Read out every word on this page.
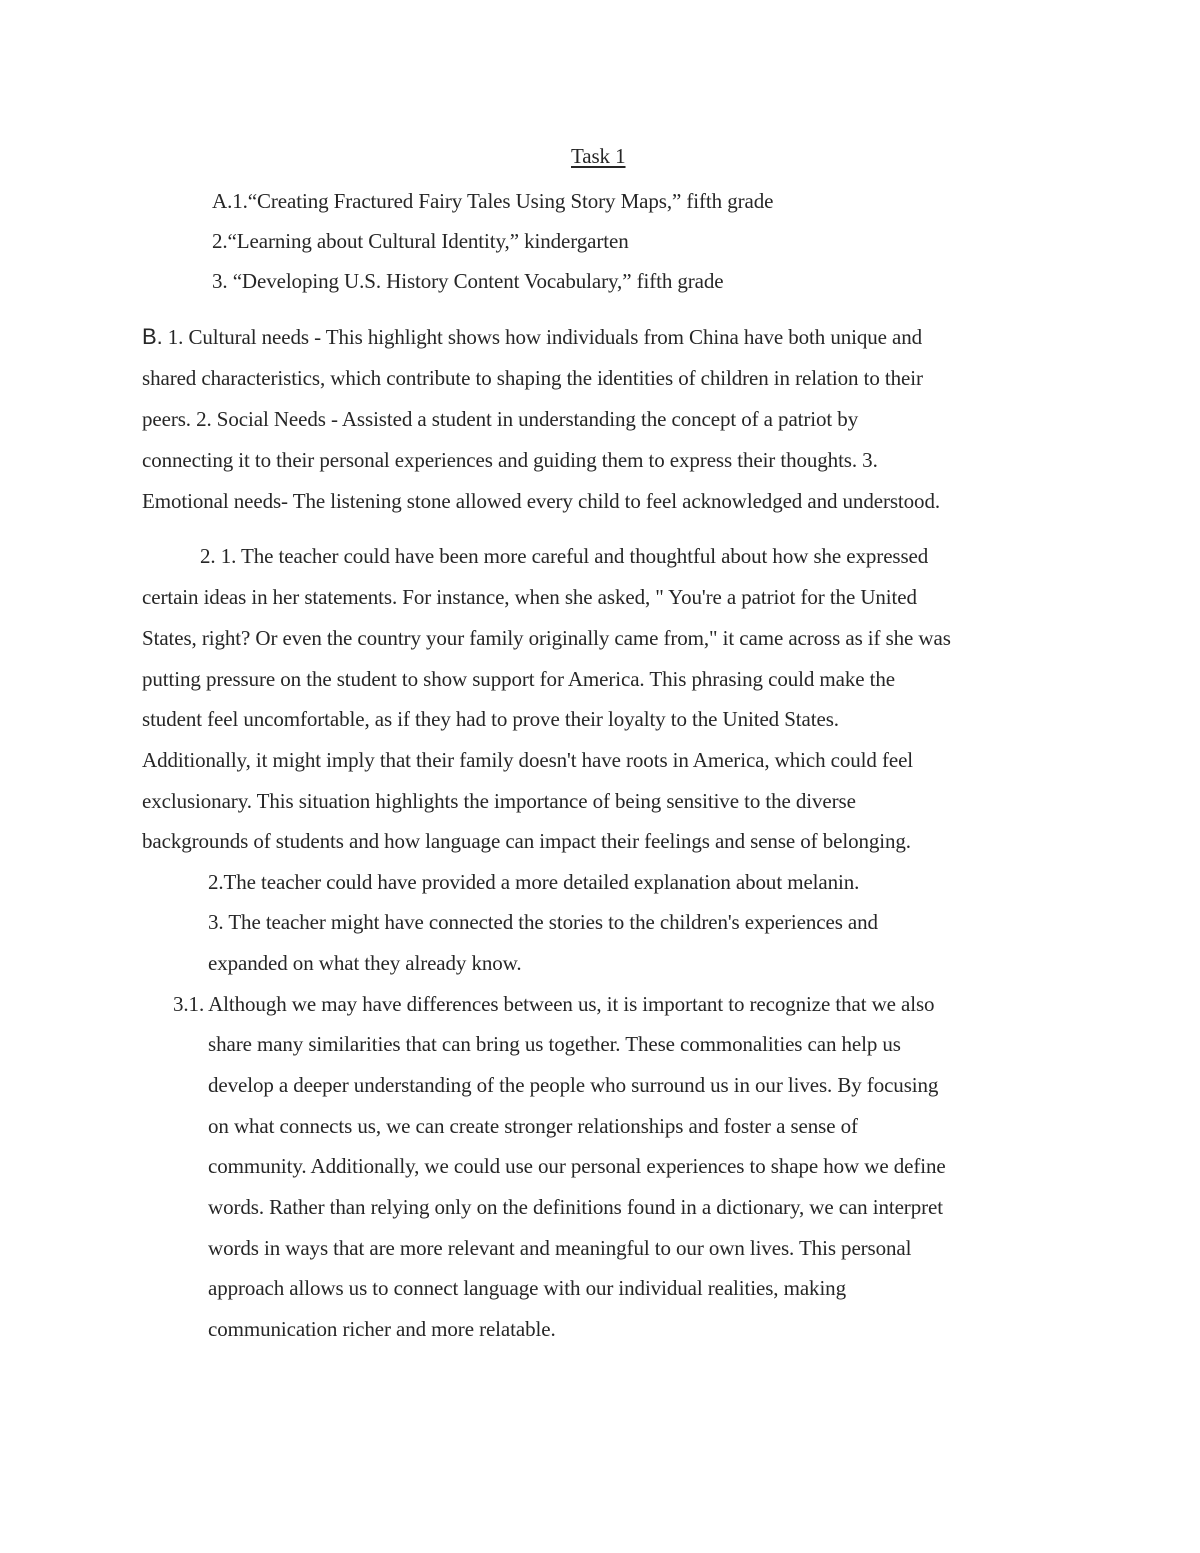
Task 1
A.1.“Creating Fractured Fairy Tales Using Story Maps,” fifth grade
2.“Learning about Cultural Identity,” kindergarten
3. “Developing U.S. History Content Vocabulary,” fifth grade
B. 1. Cultural needs - This highlight shows how individuals from China have both unique and
shared characteristics, which contribute to shaping the identities of children in relation to their
peers. 2. Social Needs - Assisted a student in understanding the concept of a patriot by
connecting it to their personal experiences and guiding them to express their thoughts. 3.
Emotional needs- The listening stone allowed every child to feel acknowledged and understood.
2. 1. The teacher could have been more careful and thoughtful about how she expressed
certain ideas in her statements. For instance, when she asked, " You're a patriot for the United
States, right? Or even the country your family originally came from," it came across as if she was
putting pressure on the student to show support for America. This phrasing could make the
student feel uncomfortable, as if they had to prove their loyalty to the United States.
Additionally, it might imply that their family doesn't have roots in America, which could feel
exclusionary. This situation highlights the importance of being sensitive to the diverse
backgrounds of students and how language can impact their feelings and sense of belonging.
2.The teacher could have provided a more detailed explanation about melanin.
3. The teacher might have connected the stories to the children's experiences and
expanded on what they already know.
3.1. Although we may have differences between us, it is important to recognize that we also
share many similarities that can bring us together. These commonalities can help us
develop a deeper understanding of the people who surround us in our lives. By focusing
on what connects us, we can create stronger relationships and foster a sense of
community. Additionally, we could use our personal experiences to shape how we define
words. Rather than relying only on the definitions found in a dictionary, we can interpret
words in ways that are more relevant and meaningful to our own lives. This personal
approach allows us to connect language with our individual realities, making
communication richer and more relatable.
